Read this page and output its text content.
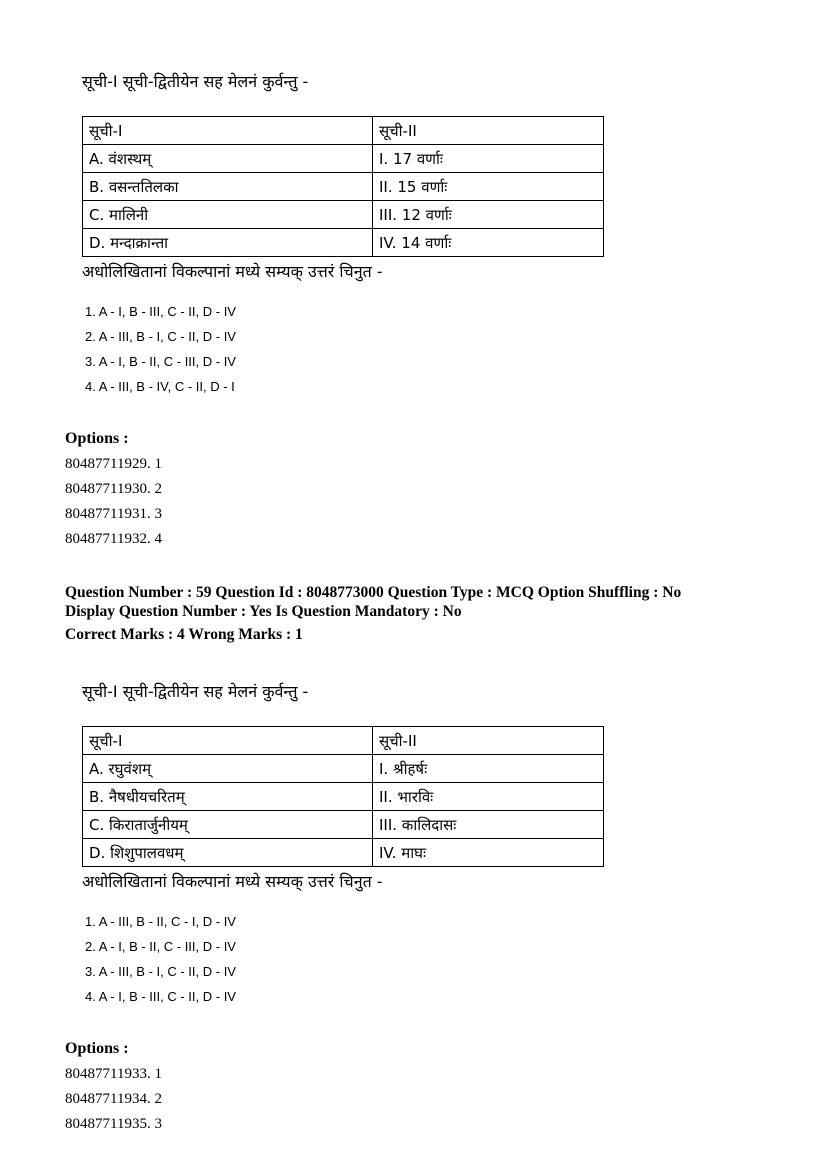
सूची-I सूची-द्वितीयेन सह मेलनं कुर्वन्तु -

सूची-I	सूची-II
A. वंशस्थम्	I. 17 वर्णाः
B. वसन्ततिलका	II. 15 वर्णाः
C. मालिनी	III. 12 वर्णाः
D. मन्दाक्रान्ता	IV. 14 वर्णाः

अधोलिखितानां विकल्पानां मध्ये सम्यक् उत्तरं चिनुत -

1. A - I, B - III, C - II, D - IV
2. A - III, B - I, C - II, D - IV
3. A - I, B - II, C - III, D - IV
4. A - III, B - IV, C - II, D - I

Options :

80487711929. 1
80487711930. 2
80487711931. 3
80487711932. 4
Question Number : 59 Question Id : 8048773000 Question Type : MCQ Option Shuffling : No
Display Question Number : Yes Is Question Mandatory : No
Correct Marks : 4 Wrong Marks : 1

सूची-I सूची-द्वितीयेन सह मेलनं कुर्वन्तु -

सूची-I	सूची-II
A. रघुवंशम्	I. श्रीहर्षः
B. नैषधीयचरितम्	II. भारविः
C. किरातार्जुनीयम्	III. कालिदासः
D. शिशुपालवधम्	IV. माघः

अधोलिखितानां विकल्पानां मध्ये सम्यक् उत्तरं चिनुत -

1. A - III, B - II, C - I, D - IV
2. A - I, B - II, C - III, D - IV
3. A - III, B - I, C - II, D - IV
4. A - I, B - III, C - II, D - IV

Options :

80487711933. 1
80487711934. 2
80487711935. 3
